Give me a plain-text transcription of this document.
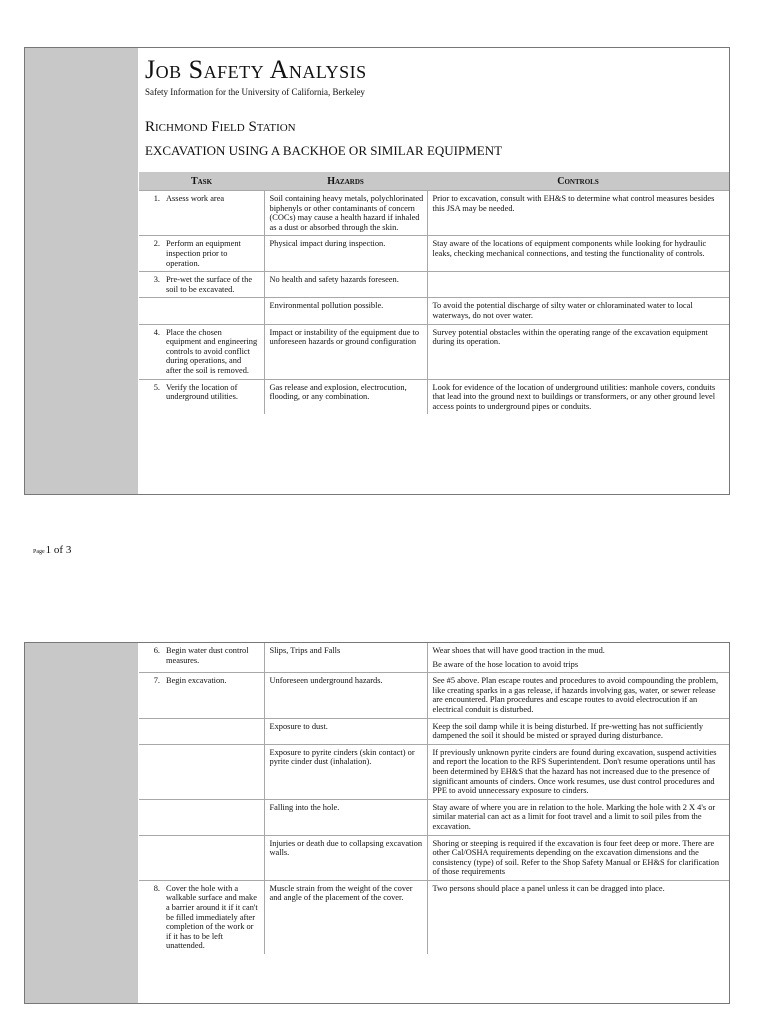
Job Safety Analysis
Safety Information for the University of California, Berkeley
Richmond Field Station
EXCAVATION USING A BACKHOE OR SIMILAR EQUIPMENT
Task	Hazards	Controls
1. Assess work area	Soil containing heavy metals, polychlorinated biphenyls or other contaminants of concern (COCs) may cause a health hazard if inhaled as a dust or absorbed through the skin.	Prior to excavation, consult with EH&S to determine what control measures besides this JSA may be needed.

2. Perform an equipment inspection prior to operation.	Physical impact during inspection.	Stay aware of the locations of equipment components while looking for hydraulic leaks, checking mechanical connections, and testing the functionality of controls.

3. Pre-wet the surface of the soil to be excavated.	No health and safety hazards foreseen.	

	Environmental pollution possible.	To avoid the potential discharge of silty water or chloraminated water to local waterways, do not over water.

4. Place the chosen equipment and engineering controls to avoid conflict during operations, and after the soil is removed.	Impact or instability of the equipment due to unforeseen hazards or ground configuration	Survey potential obstacles within the operating range of the excavation equipment during its operation.

5. Verify the location of underground utilities.	Gas release and explosion, electrocution, flooding, or any combination.	Look for evidence of the location of underground utilities: manhole covers, conduits that lead into the ground next to buildings or transformers, or any other ground level access points to underground pipes or conduits.
Page1 of 3
6. Begin water dust control measures.	Slips, Trips and Falls	Wear shoes that will have good traction in the mud.
Be aware of the hose location to avoid trips

7. Begin excavation.	Unforeseen underground hazards.	See #5 above. Plan escape routes and procedures to avoid compounding the problem, like creating sparks in a gas release, if hazards involving gas, water, or sewer release are encountered. Plan procedures and escape routes to avoid electrocution if an electrical conduit is disturbed.

	Exposure to dust.	Keep the soil damp while it is being disturbed. If pre-wetting has not sufficiently dampened the soil it should be misted or sprayed during disturbance.

	Exposure to pyrite cinders (skin contact) or pyrite cinder dust (inhalation).	If previously unknown pyrite cinders are found during excavation, suspend activities and report the location to the RFS Superintendent. Don't resume operations until has been determined by EH&S that the hazard has not increased due to the presence of significant amounts of cinders. Once work resumes, use dust control procedures and PPE to avoid unnecessary exposure to cinders.

	Falling into the hole.	Stay aware of where you are in relation to the hole. Marking the hole with 2 X 4's or similar material can act as a limit for foot travel and a limit to soil piles from the excavation.

	Injuries or death due to collapsing excavation walls.	Shoring or steeping is required if the excavation is four feet deep or more. There are other Cal/OSHA requirements depending on the excavation dimensions and the consistency (type) of soil. Refer to the Shop Safety Manual or EH&S for clarification of those requirements

8. Cover the hole with a walkable surface and make a barrier around it if it can't be filled immediately after completion of the work or if it has to be left unattended.	Muscle strain from the weight of the cover and angle of the placement of the cover.	Two persons should place a panel unless it can be dragged into place.
